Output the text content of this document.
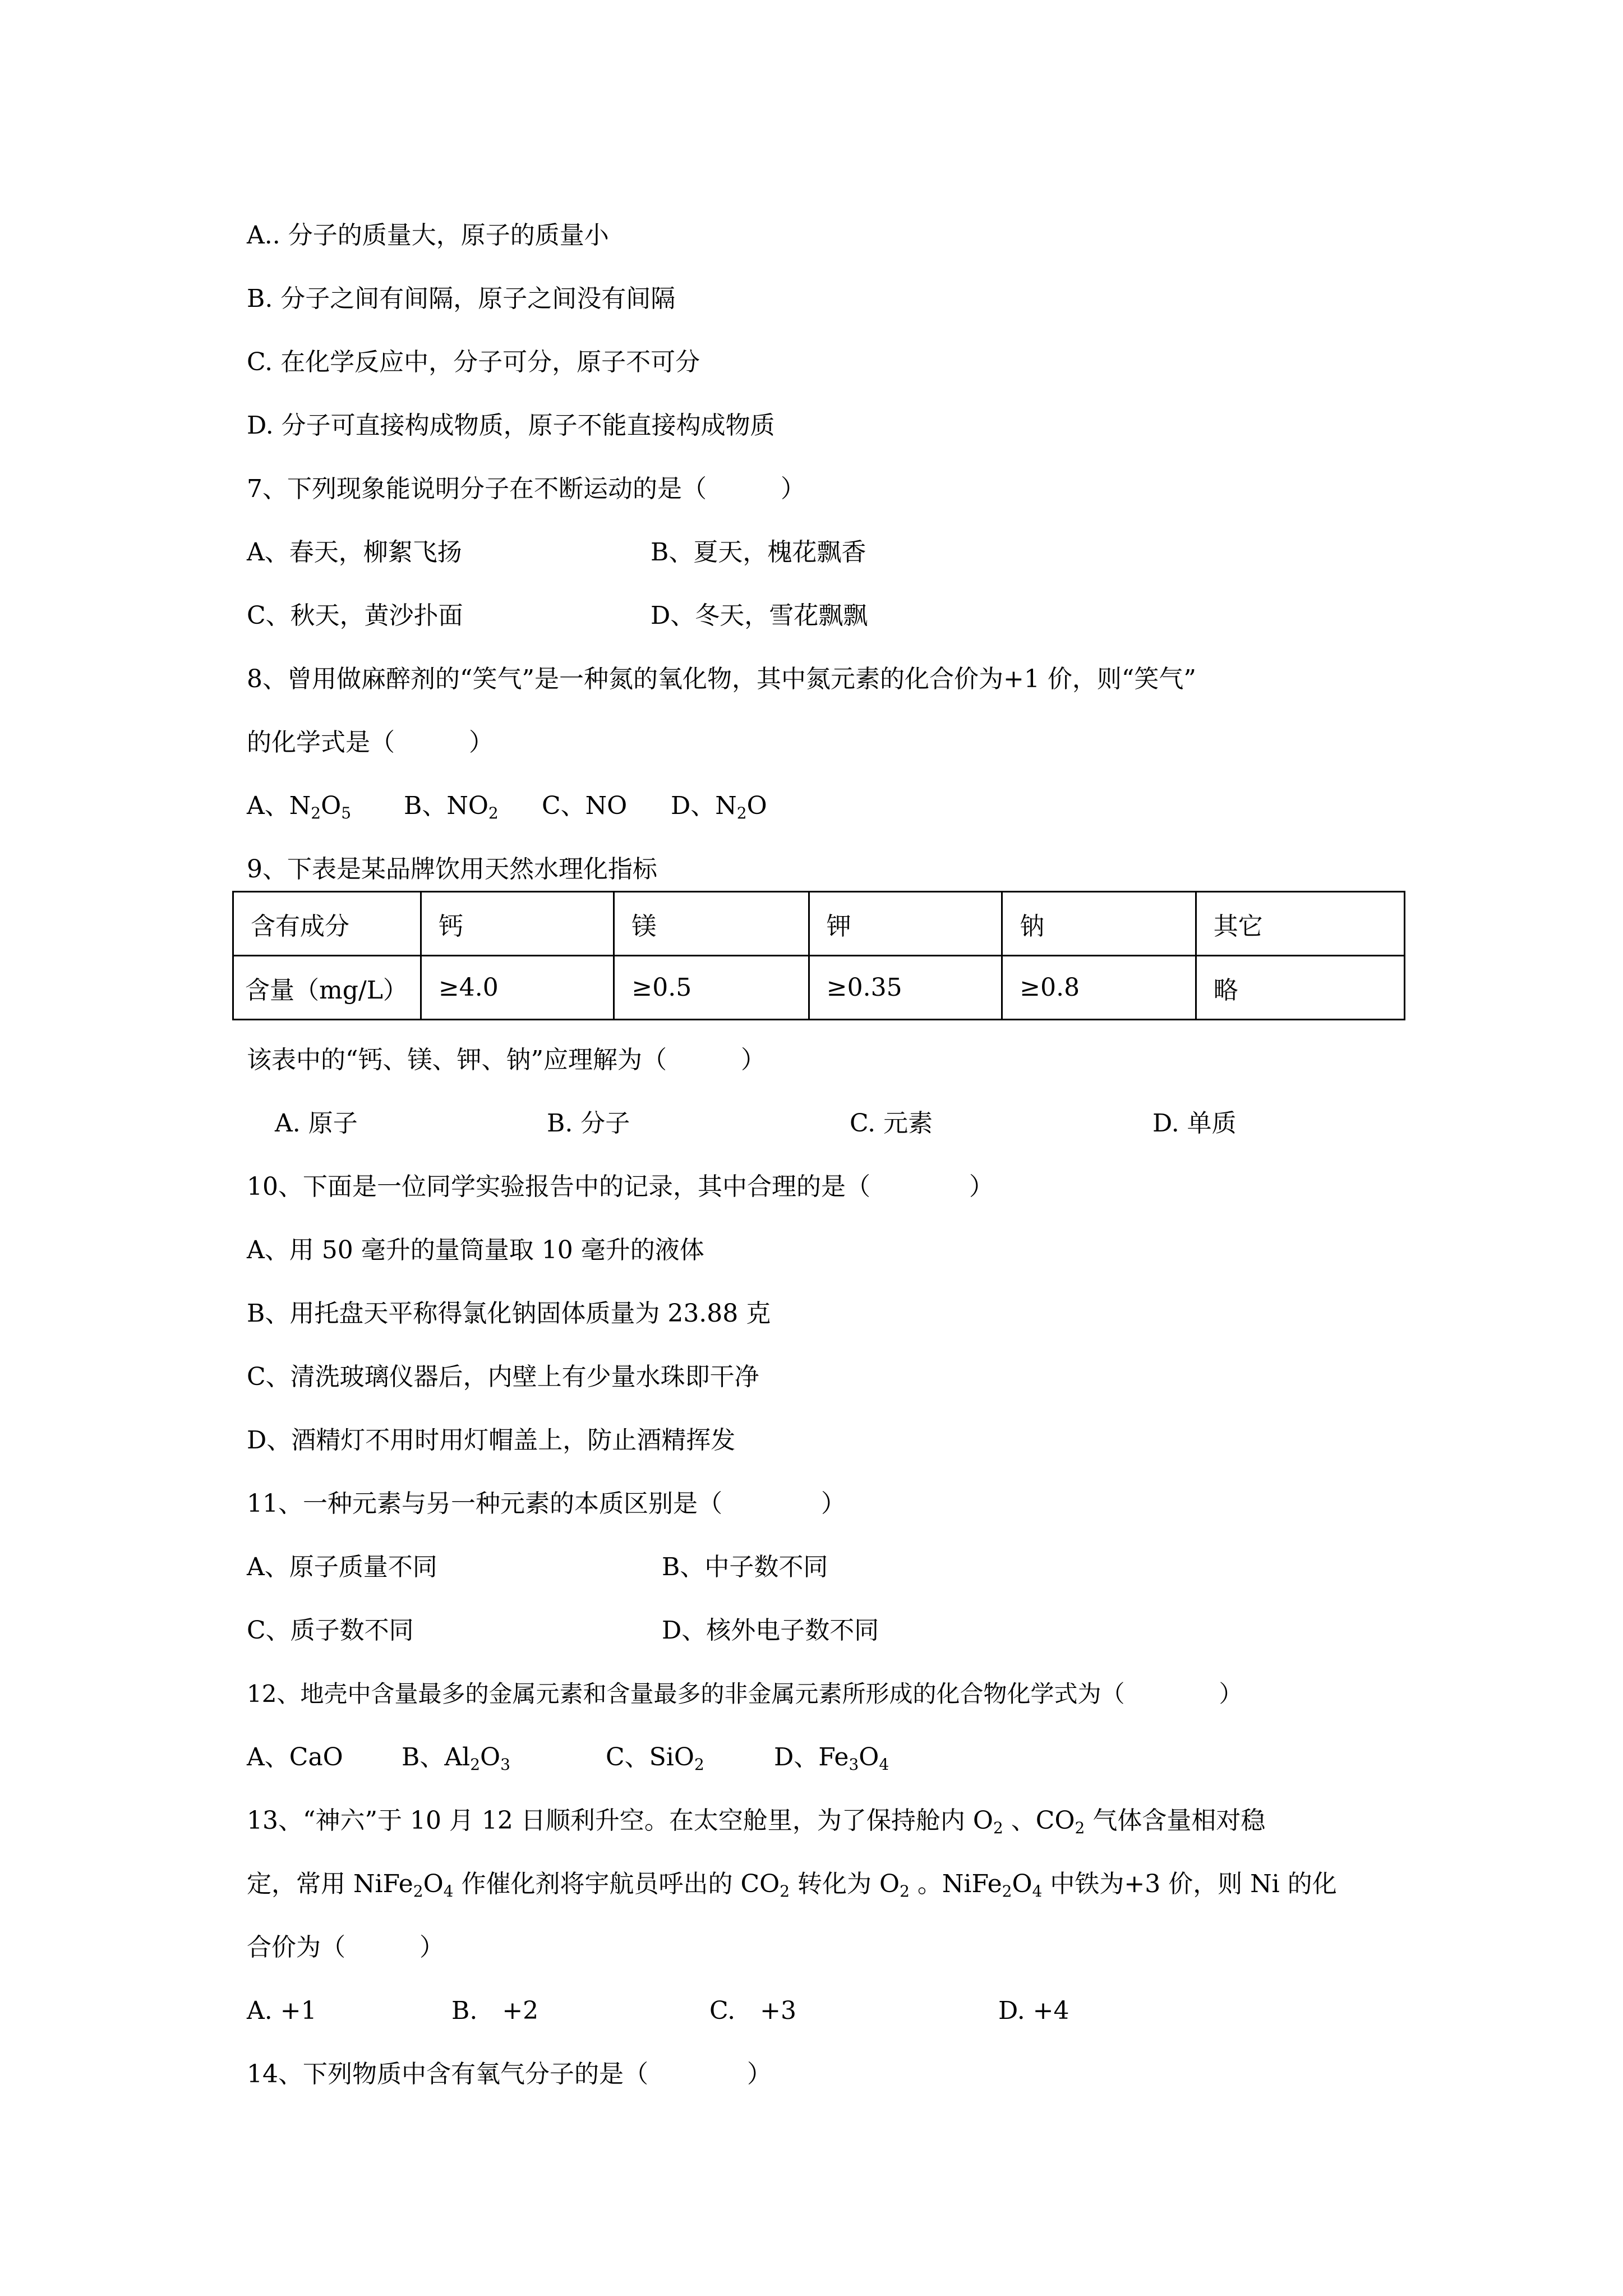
A.. 分子的质量大，原子的质量小
B. 分子之间有间隔，原子之间没有间隔
C. 在化学反应中，分子可分，原子不可分
D. 分子可直接构成物质，原子不能直接构成物质
7、下列现象能说明分子在不断运动的是（　　　）
A、春天，柳絮飞扬	B、夏天，槐花飘香
C、秋天，黄沙扑面	D、冬天，雪花飘飘
8、曾用做麻醉剂的“笑气”是一种氮的氧化物，其中氮元素的化合价为+1 价，则“笑气”
的化学式是（　　　）
A、$N_2O_5$ B、$NO_2$ C、NO D、$N_2O$
9、下表是某品牌饮用天然水理化指标
含有成分	钙	镁	钾	钠	其它
含量（mg/L）	≥4.0	≥0.5	≥0.35	≥0.8	略
该表中的“钙、镁、钾、钠”应理解为（　　　）
A. 原子	B. 分子	C. 元素	D. 单质
10、下面是一位同学实验报告中的记录，其中合理的是（　　　　）
A、用 50 毫升的量筒量取 10 毫升的液体
B、用托盘天平称得氯化钠固体质量为 23.88 克
C、清洗玻璃仪器后，内壁上有少量水珠即干净
D、酒精灯不用时用灯帽盖上，防止酒精挥发
11、一种元素与另一种元素的本质区别是（　　　　）
A、原子质量不同	B、中子数不同
C、质子数不同	D、核外电子数不同
12、地壳中含量最多的金属元素和含量最多的非金属元素所形成的化合物化学式为（　　　　）
A、CaO B、$Al_2O_3$	C、SiO$_2$	D、$Fe_3O_4$
13、“神六”于 10 月 12 日顺利升空。在太空舱里，为了保持舱内 $O_2$ 、$CO_2$ 气体含量相对稳
定，常用 $NiFe_2O_4$ 作催化剂将宇航员呼出的 $CO_2$ 转化为 $O_2$ 。$NiFe_2O_4$ 中铁为+3 价，则 Ni 的化
合价为（　　　）
A. +1	B.　+2	C.　+3	D. +4
14、下列物质中含有氧气分子的是（　　　　）
